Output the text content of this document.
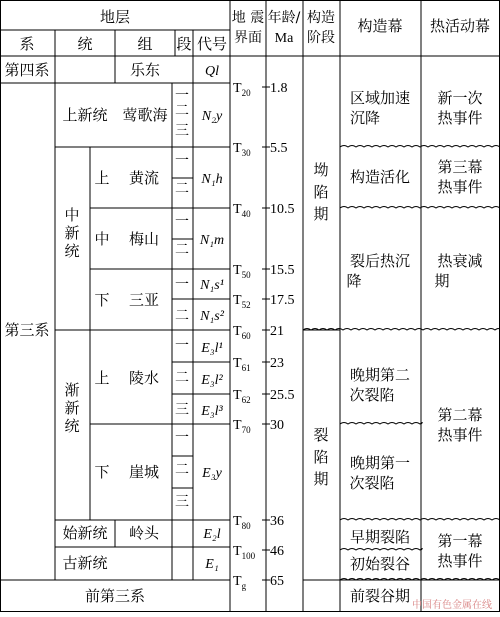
地层
系	统	组 段 代号
地 震
界面
年龄/
Ma
构造
阶段
构造幕 热活动幕
第四系
第三系
前第三系
乐东
上新统 莺歌海
中
新
统
上
中
下
黄流
梅山
三亚
渐
新
统
上
下
陵水
崖城
始新统 岭头
古新统
一
二
三
一
二
一
二
一
二
一
二
三
一
二
三
Ql
N₂y
N₁h
N₁m
N₁s¹
N₁s²
E₃l¹
E₃l²
E₃l³
E₃y
E₂l
E₁
$T_{20}$
$T_{30}$
$T_{40}$
$T_{50}$
$T_{52}$
$T_{60}$
$T_{61}$
$T_{62}$
$T_{70}$
$T_{80}$
$T_{100}$
$T_g$
1.8
5.5
10.5
15.5
17.5
21
23
25.5
30
36
46
65
坳
陷
期
裂
陷
期
区域加速
沉降
构造活化
裂后热沉
降
晚期第二
次裂陷
晚期第一
次裂陷
早期裂陷
初始裂谷
前裂谷期
新一次
热事件
第三幕
热事件
热衰减
期
第二幕
热事件
第一幕
热事件
中国有色金属在线
